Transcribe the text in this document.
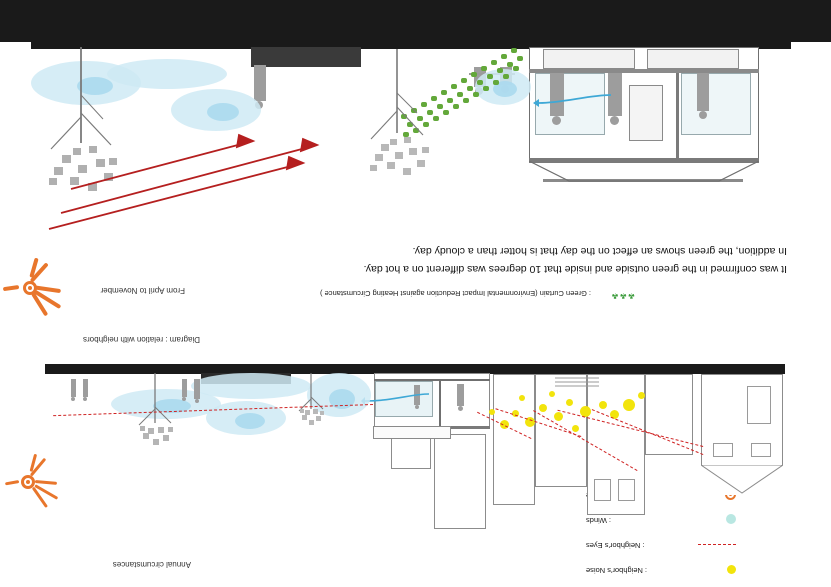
: Neighbor's Noise
: Neighbor's Eyes
: Winds
Annual circumstances
Diagram : relation with neighbors
From April to November	: Green Curtain (Environmental Impact Reduction against Heating Circumstance ) ☘☘☘
It was confirmed in the green outside and inside that 10 degrees was different on a hot day.
In addition, the green shows an effect on the day that is hotter than a cloudy day.
